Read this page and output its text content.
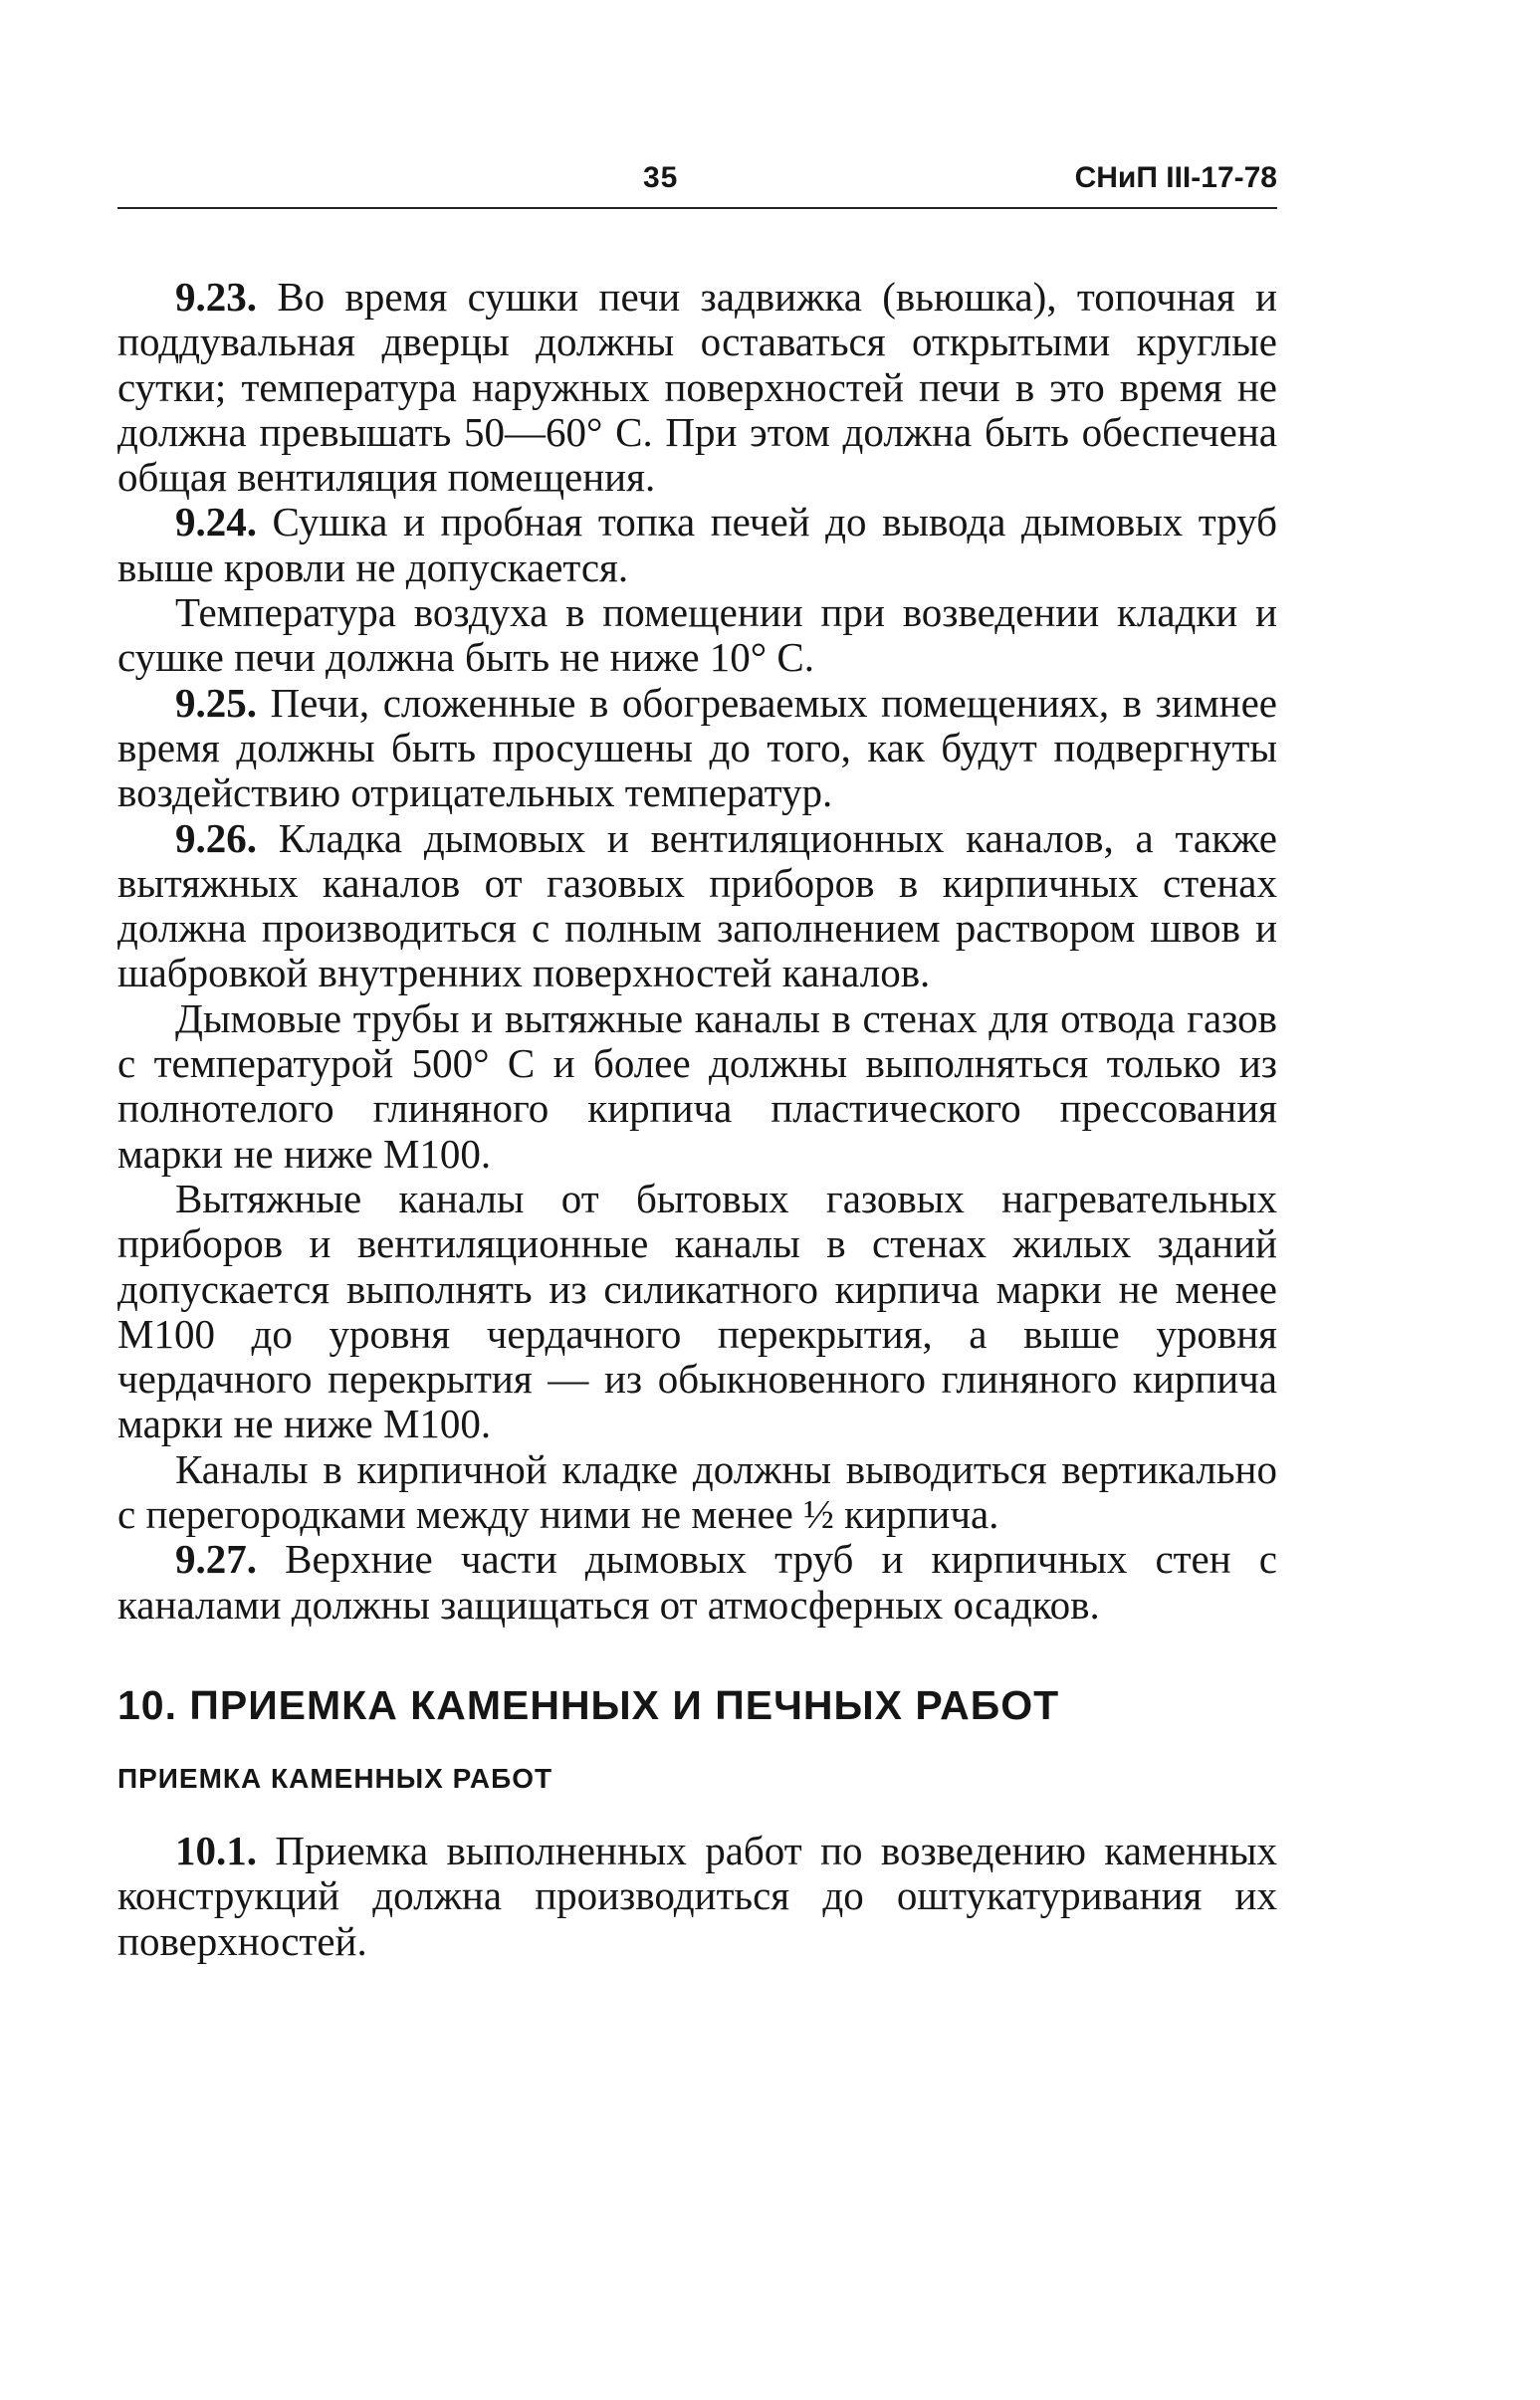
35	СНиП III-17-78

9.23. Во время сушки печи задвижка (вьюшка), топочная и поддувальная дверцы должны оставаться открытыми круглые сутки; температура наружных поверхностей печи в это время не должна превышать 50—60° С. При этом должна быть обеспечена общая вентиляция помещения.

9.24. Сушка и пробная топка печей до вывода дымовых труб выше кровли не допускается.

Температура воздуха в помещении при возведении кладки и сушке печи должна быть не ниже 10° С.

9.25. Печи, сложенные в обогреваемых помещениях, в зимнее время должны быть просушены до того, как будут подвергнуты воздействию отрицательных температур.

9.26. Кладка дымовых и вентиляционных каналов, а также вытяжных каналов от газовых приборов в кирпичных стенах должна производиться с полным заполнением раствором швов и шабровкой внутренних поверхностей каналов.

Дымовые трубы и вытяжные каналы в стенах для отвода газов с температурой 500° С и более должны выполняться только из полнотелого глиняного кирпича пластического прессования марки не ниже М100.

Вытяжные каналы от бытовых газовых нагревательных приборов и вентиляционные каналы в стенах жилых зданий допускается выполнять из силикатного кирпича марки не менее М100 до уровня чердачного перекрытия, а выше уровня чердачного перекрытия — из обыкновенного глиняного кирпича марки не ниже М100.

Каналы в кирпичной кладке должны выводиться вертикально с перегородками между ними не менее ½ кирпича.

9.27. Верхние части дымовых труб и кирпичных стен с каналами должны защищаться от атмосферных осадков.

10. ПРИЕМКА КАМЕННЫХ И ПЕЧНЫХ РАБОТ
ПРИЕМКА КАМЕННЫХ РАБОТ

10.1. Приемка выполненных работ по возведению каменных конструкций должна производиться до оштукатуривания их поверхностей.
